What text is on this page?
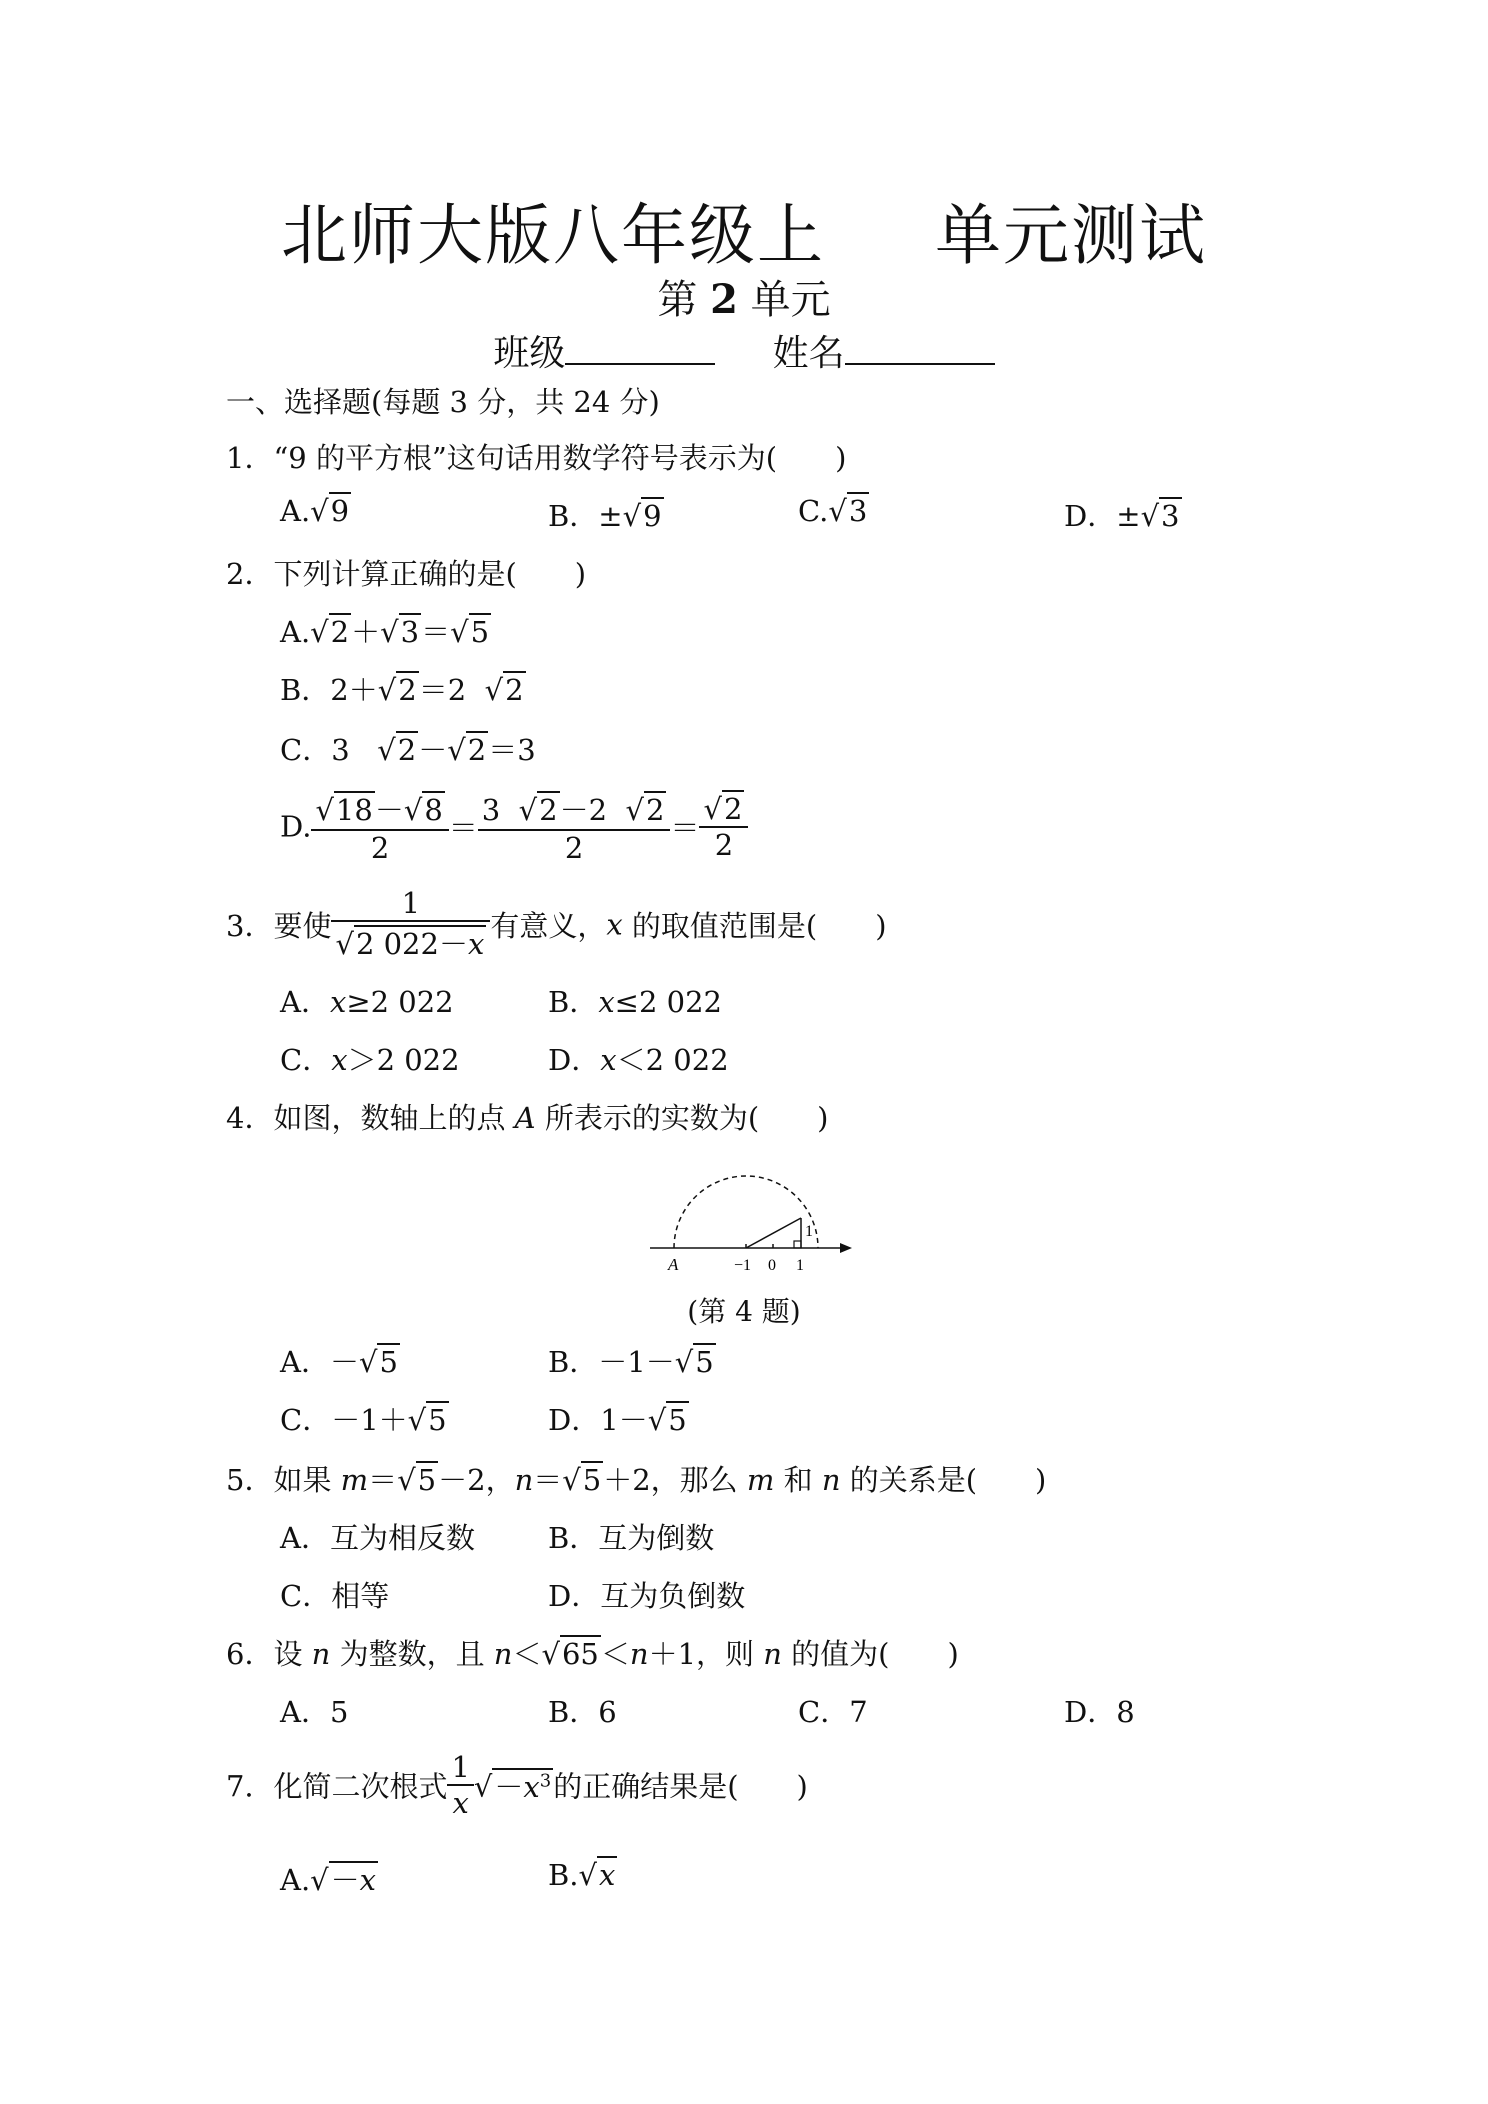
北师大版八年级上 单元测试
第 2 单元
班级	姓名
一、选择题(每题 3 分，共 24 分)
1．“9 的平方根”这句话用数学符号表示为(　　)
A.√9	B．±√9	C.√3	D．±√3
2．下列计算正确的是(　　)
A.√2＋√3＝√5
B．2＋√2＝2  √2
C．3   √2－√2＝3
D. $\frac{√18-√8}{2} = \frac{3 √2-2 √2}{2} = \frac{√2}{2}$
3．要使 $\frac{1}{√2 022-x}$ 有意义，x 的取值范围是(　　)
A．x≥2 022	B．x≤2 022
C．x＞2 022	D．x＜2 022
4．如图，数轴上的点 A 所表示的实数为(　　)
A	−1 0 1
1
(第 4 题)
A．－√5	B．－1－√5
C．－1＋√5	D．1－√5
5．如果 m＝√5－2，n＝√5＋2，那么 m 和 n 的关系是(　　)
A．互为相反数	B．互为倒数
C．相等	D．互为负倒数
6．设 n 为整数，且 n＜√65＜n＋1，则 n 的值为(　　)
A．5	B．6	C．7	D．8
7．化简二次根式 $\frac{1}{x} √-x^3$的正确结果是(　　)
A.√－x	B.√x
